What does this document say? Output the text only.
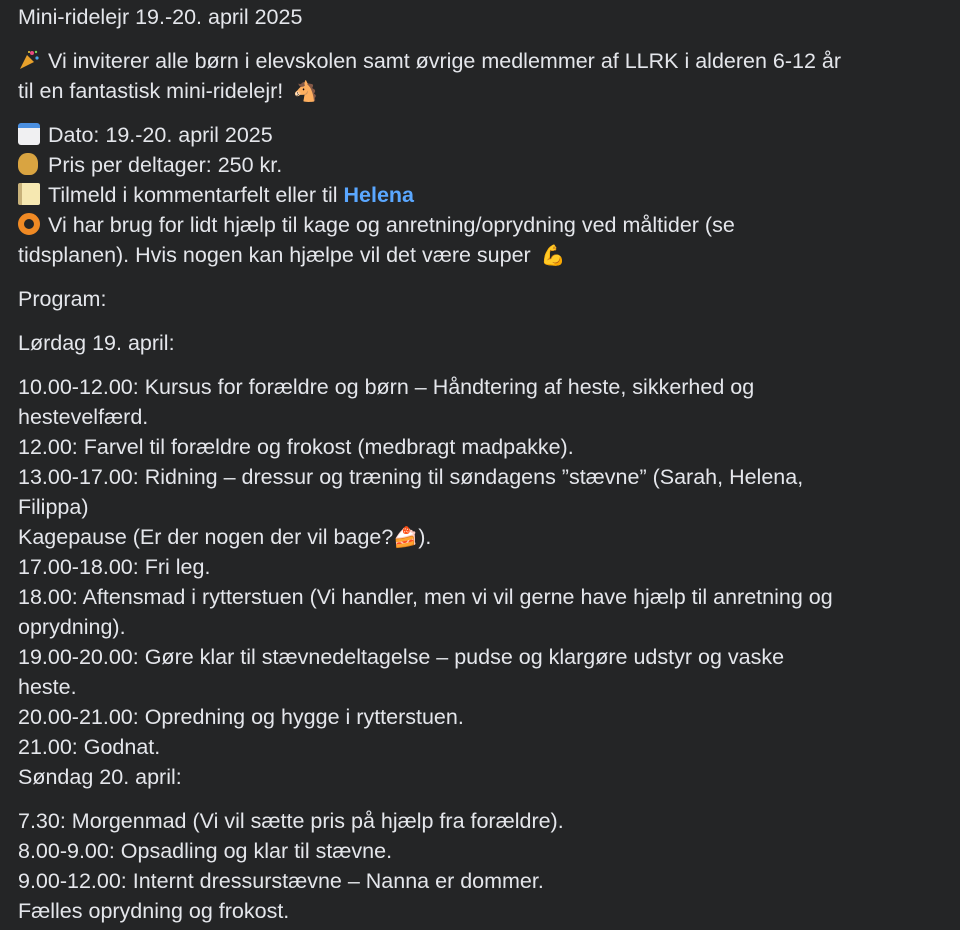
Mini-ridelejr 19.-20. april 2025
Vi inviterer alle børn i elevskolen samt øvrige medlemmer af LLRK i alderen 6-12 år
til en fantastisk mini-ridelejr! 🐴
Dato: 19.-20. april 2025
Pris per deltager: 250 kr.
Tilmeld i kommentarfelt eller til Helena
Vi har brug for lidt hjælp til kage og anretning/oprydning ved måltider (se
tidsplanen). Hvis nogen kan hjælpe vil det være super 💪
Program:
Lørdag 19. april:
10.00-12.00: Kursus for forældre og børn – Håndtering af heste, sikkerhed og
hestevelfærd.
12.00: Farvel til forældre og frokost (medbragt madpakke).
13.00-17.00: Ridning – dressur og træning til søndagens ”stævne” (Sarah, Helena,
Filippa)
Kagepause (Er der nogen der vil bage?🍰).
17.00-18.00: Fri leg.
18.00: Aftensmad i rytterstuen (Vi handler, men vi vil gerne have hjælp til anretning og
oprydning).
19.00-20.00: Gøre klar til stævnedeltagelse – pudse og klargøre udstyr og vaske
heste.
20.00-21.00: Opredning og hygge i rytterstuen.
21.00: Godnat.
Søndag 20. april:
7.30: Morgenmad (Vi vil sætte pris på hjælp fra forældre).
8.00-9.00: Opsadling og klar til stævne.
9.00-12.00: Internt dressurstævne – Nanna er dommer.
Fælles oprydning og frokost.
